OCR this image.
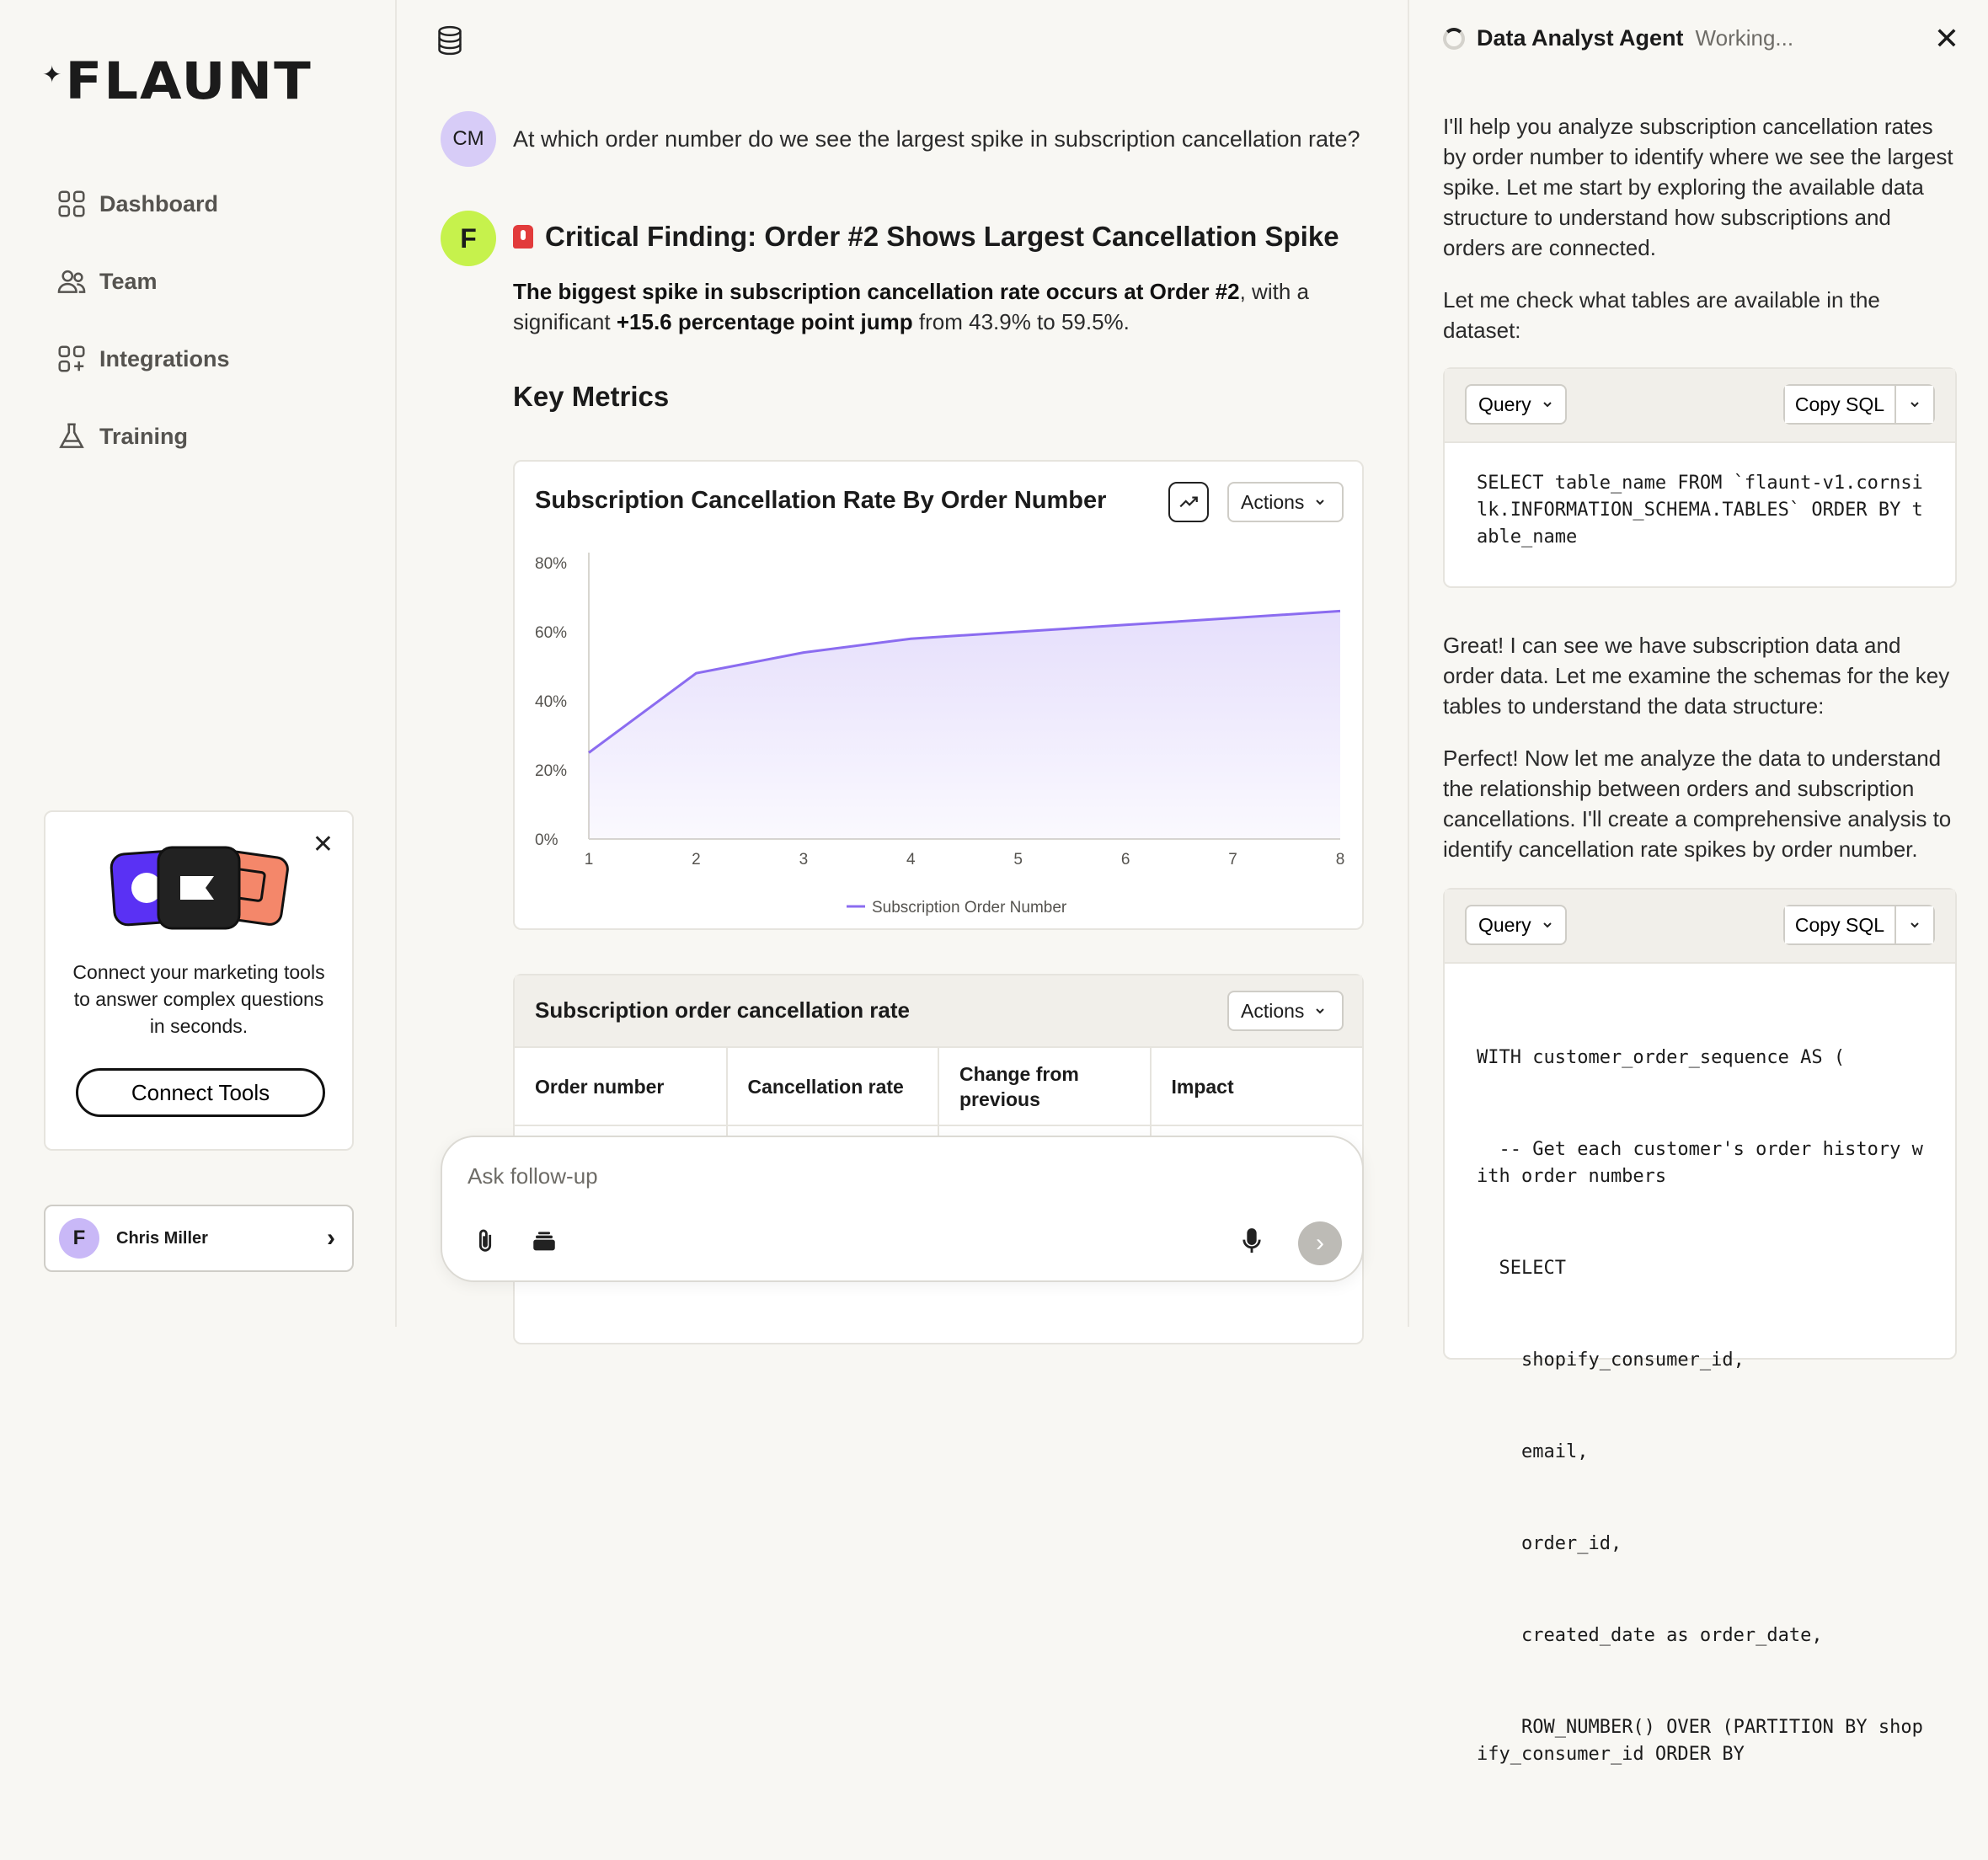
✦ FLAUNT
Dashboard
Team
Integrations
Training
✕
Connect your marketing tools to answer complex questions in seconds.
Connect Tools
F	Chris Miller	›
CM	At which order number do we see the largest spike in subscription cancellation rate?
F	Critical Finding: Order #2 Shows Largest Cancellation Spike
The biggest spike in subscription cancellation rate occurs at Order #2, with a significant +15.6 percentage point jump from 43.9% to 59.5%.
Key Metrics
Subscription Cancellation Rate By Order Number	Actions
0%
20%
40%
60%
80%
1	2	3	4	5	6	7	8
Subscription Order Number
Subscription order cancellation rate	Actions
Order number	Cancellation rate	Change from previous	Impact

Ask follow-up
›
Data Analyst Agent Working...	✕
I'll help you analyze subscription cancellation rates by order number to identify where we see the largest spike. Let me start by exploring the available data structure to understand how subscriptions and orders are connected.
Let me check what tables are available in the dataset:
Query	Copy SQL
SELECT table_name FROM `flaunt-v1.cornsilk.INFORMATION_SCHEMA.TABLES` ORDER BY table_name
Great! I can see we have subscription data and order data. Let me examine the schemas for the key tables to understand the data structure:
Perfect! Now let me analyze the data to understand the relationship between orders and subscription cancellations. I'll create a comprehensive analysis to identify cancellation rate spikes by order number.
Query	Copy SQL

WITH customer_order_sequence AS (

-- Get each customer's order history with order numbers

SELECT

shopify_consumer_id,

email,

order_id,

created_date as order_date,

ROW_NUMBER() OVER (PARTITION BY shopify_consumer_id ORDER BY
